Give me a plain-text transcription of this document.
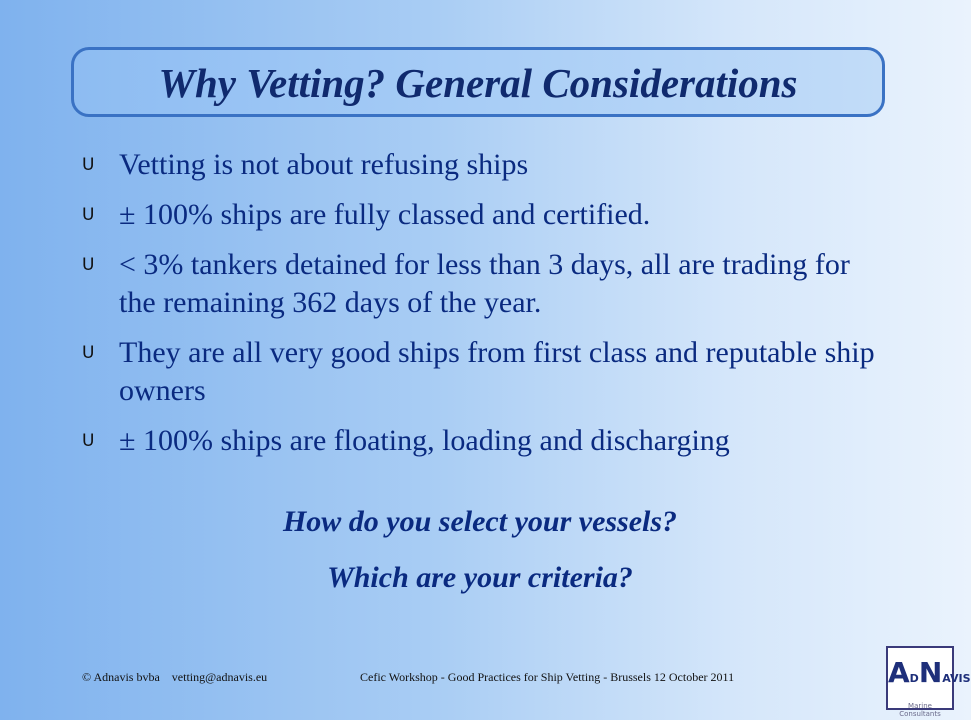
Why Vetting? General Considerations
U Vetting is not about refusing ships
U ± 100% ships are fully classed and certified.
U < 3% tankers detained for less than 3 days, all are trading for the remaining 362 days of the year.
U They are all very good ships from first class and reputable ship owners
U ± 100% ships are floating, loading and discharging

How do you select your vessels?

Which are your criteria?

© Adnavis bvba vetting@adnavis.eu	Cefic Workshop - Good Practices for Ship Vetting - Brussels 12 October 2011	ADNAVIS
Marine Consultants
